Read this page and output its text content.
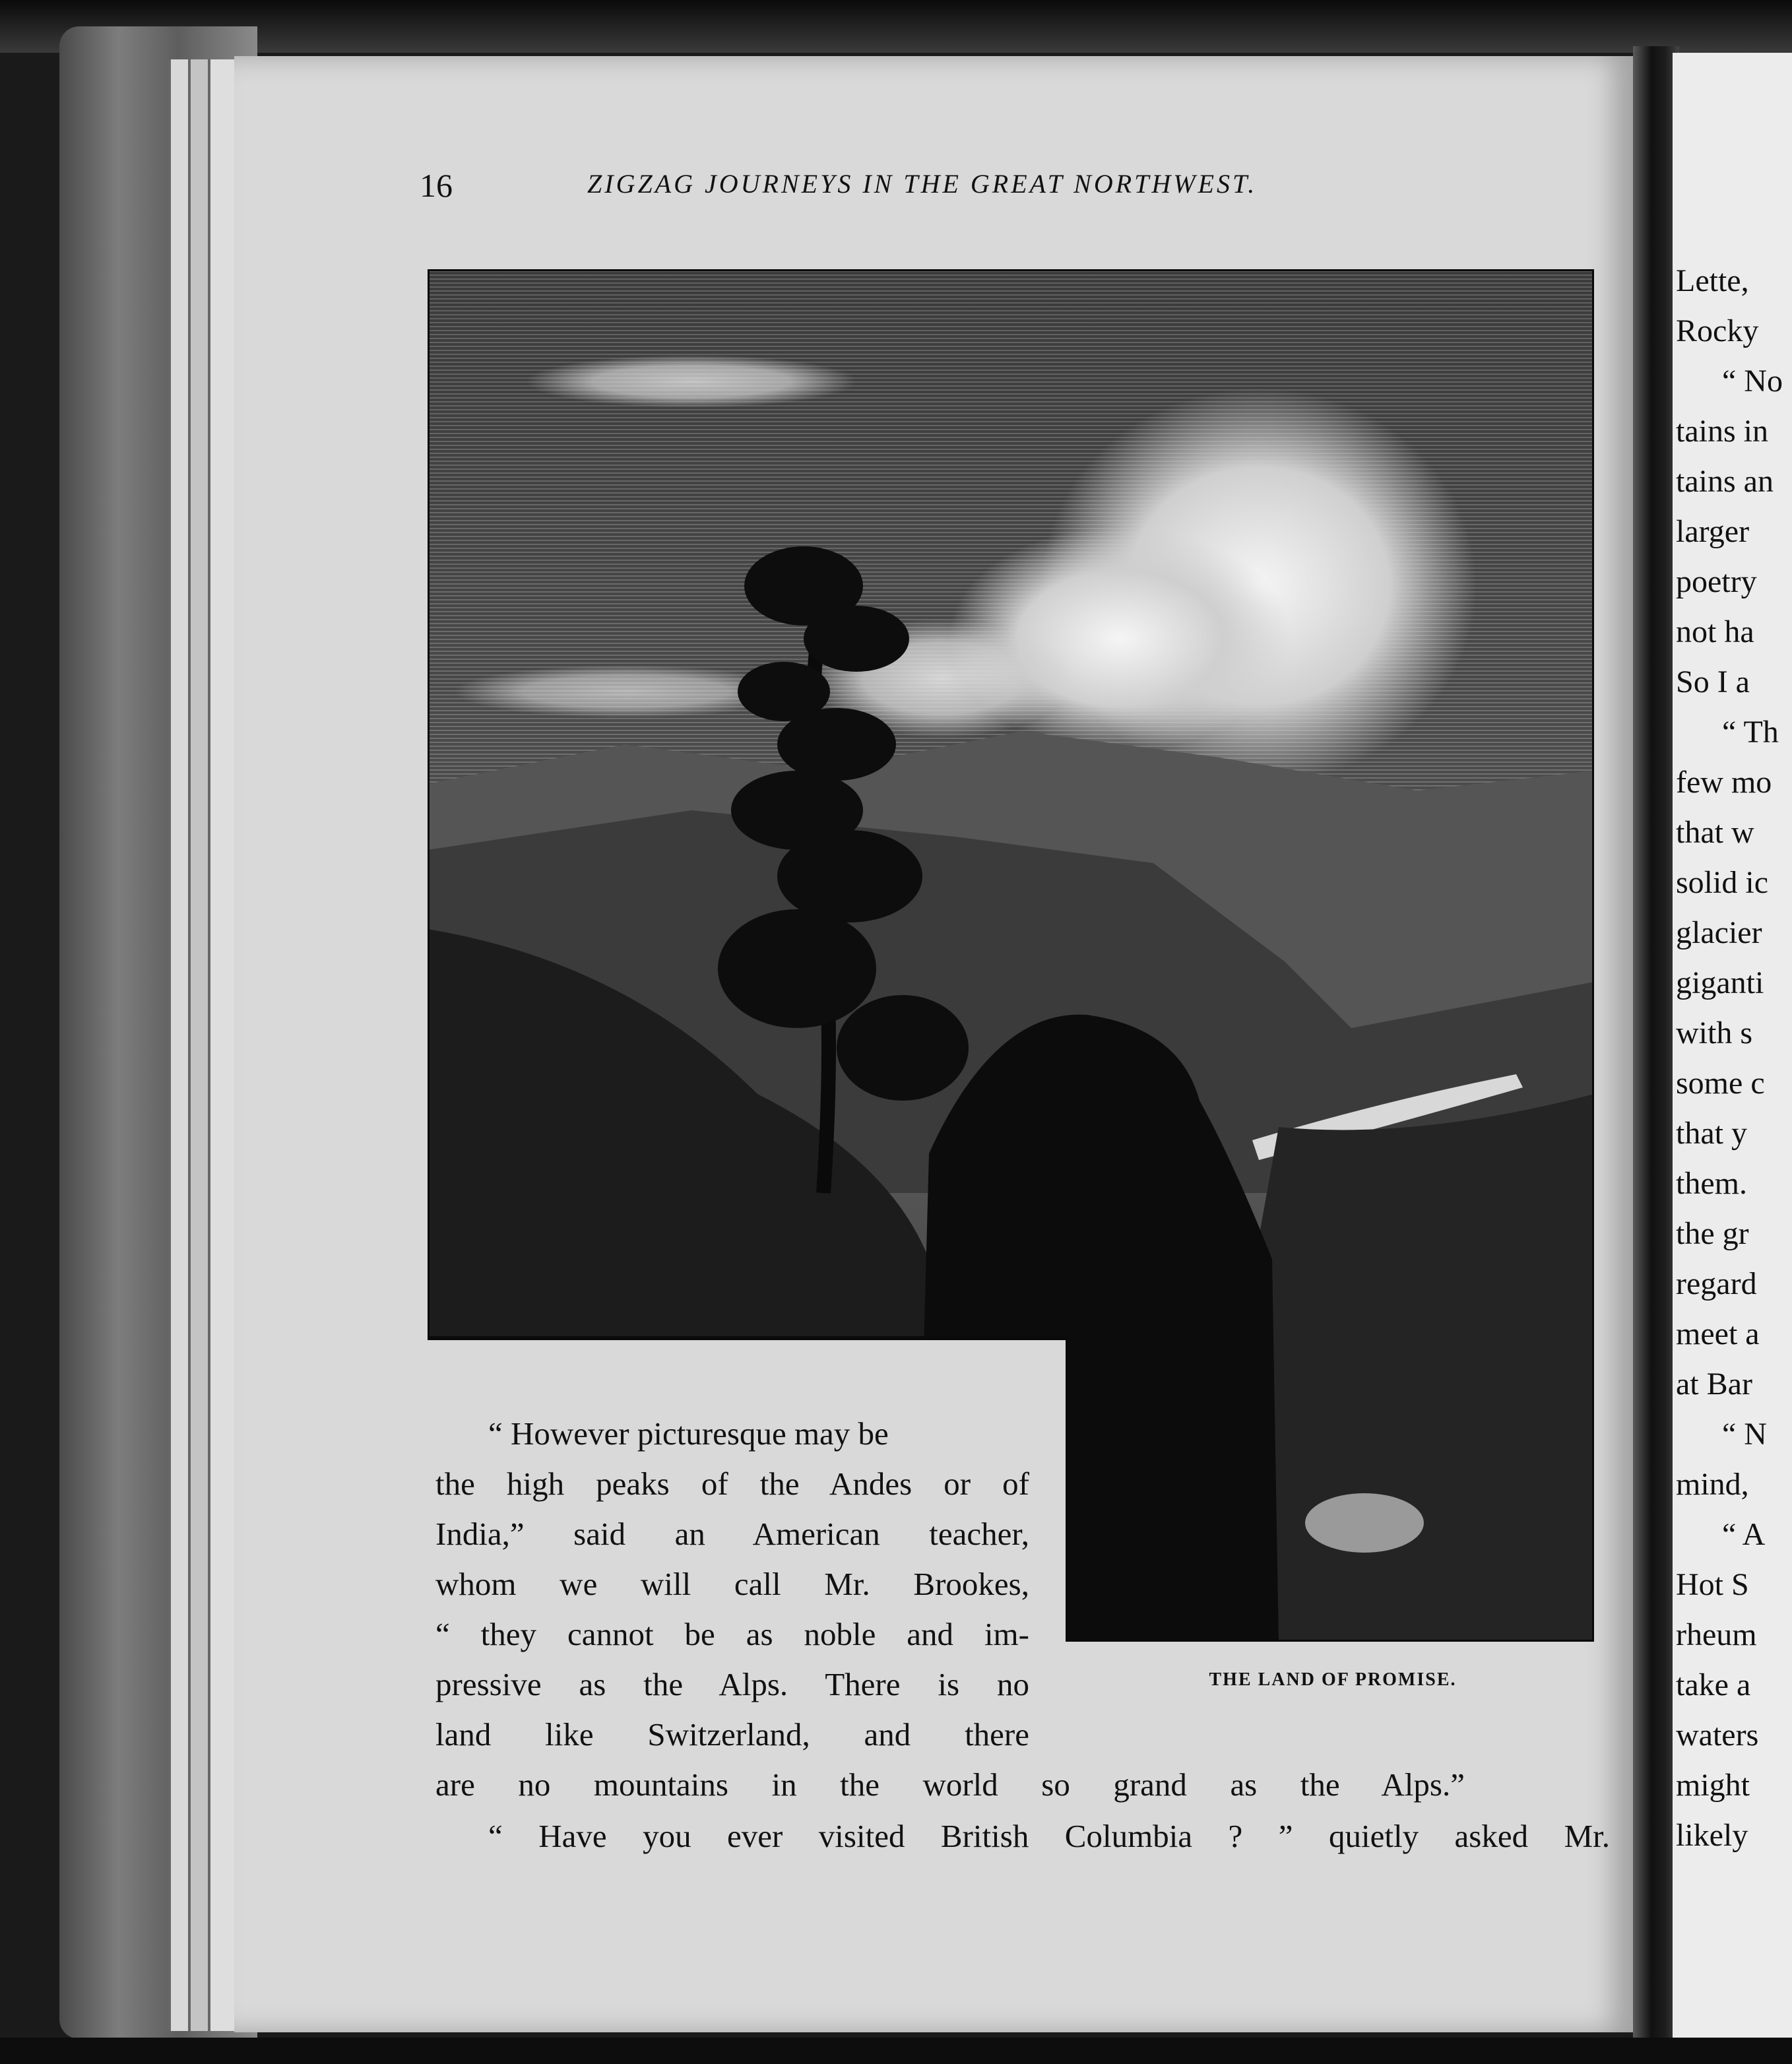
16	ZIGZAG JOURNEYS IN THE GREAT NORTHWEST.
THE LAND OF PROMISE.
“ However picturesque may be
the high peaks of the Andes or of
India,” said an American teacher,
whom we will call Mr. Brookes,
“ they cannot be as noble and im-
pressive as the Alps. There is no
land like Switzerland, and there
are no mountains in the world so grand as the Alps.”
“ Have you ever visited British Columbia ? ” quietly asked Mr.
Lette,
Rocky
“ No
tains in
tains an
larger
poetry
not ha
So I a
“ Th
few mo
that w
solid ic
glacier
giganti
with s
some c
that y
them.
the gr
regard
meet a
at Bar
“ N
mind,
“ A
Hot S
rheum
take a
waters
might
likely
